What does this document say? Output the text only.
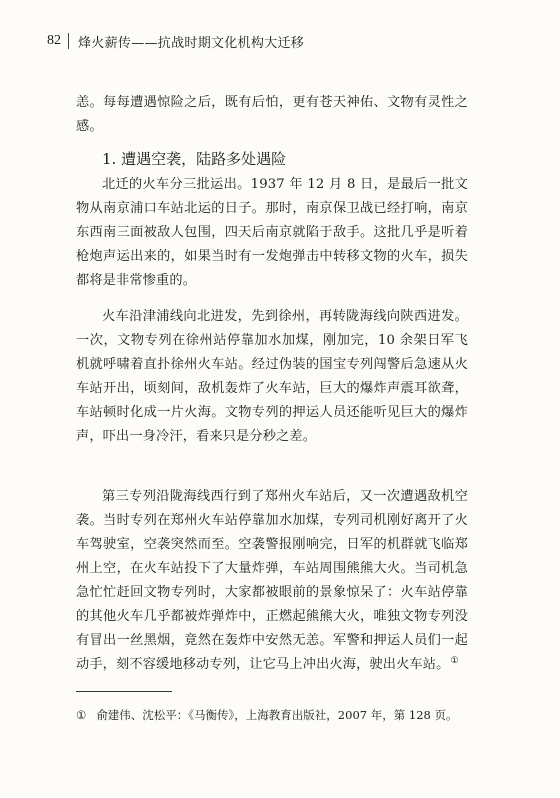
82 烽火薪传——抗战时期文化机构大迁移

恙。每每遭遇惊险之后，既有后怕，更有苍天神佑、文物有灵性之感。

1. 遭遇空袭，陆路多处遇险

北迁的火车分三批运出。1937 年 12 月 8 日，是最后一批文物从南京浦口车站北运的日子。那时，南京保卫战已经打响，南京东西南三面被敌人包围，四天后南京就陷于敌手。这批几乎是听着枪炮声运出来的，如果当时有一发炮弹击中转移文物的火车，损失都将是非常惨重的。

火车沿津浦线向北进发，先到徐州，再转陇海线向陕西进发。一次，文物专列在徐州站停靠加水加煤，刚加完，10 余架日军飞机就呼啸着直扑徐州火车站。经过伪装的国宝专列闯警后急速从火车站开出，顷刻间，敌机轰炸了火车站，巨大的爆炸声震耳欲聋，车站顿时化成一片火海。文物专列的押运人员还能听见巨大的爆炸声，吓出一身冷汗，看来只是分秒之差。

第三专列沿陇海线西行到了郑州火车站后，又一次遭遇敌机空袭。当时专列在郑州火车站停靠加水加煤，专列司机刚好离开了火车驾驶室，空袭突然而至。空袭警报刚响完，日军的机群就飞临郑州上空，在火车站投下了大量炸弹，车站周围熊熊大火。当司机急急忙忙赶回文物专列时，大家都被眼前的景象惊呆了：火车站停靠的其他火车几乎都被炸弹炸中，正燃起熊熊大火，唯独文物专列没有冒出一丝黑烟，竟然在轰炸中安然无恙。军警和押运人员们一起动手，刻不容缓地移动专列，让它马上冲出火海，驶出火车站。①

① 俞建伟、沈松平：《马衡传》，上海教育出版社，2007 年，第 128 页。
